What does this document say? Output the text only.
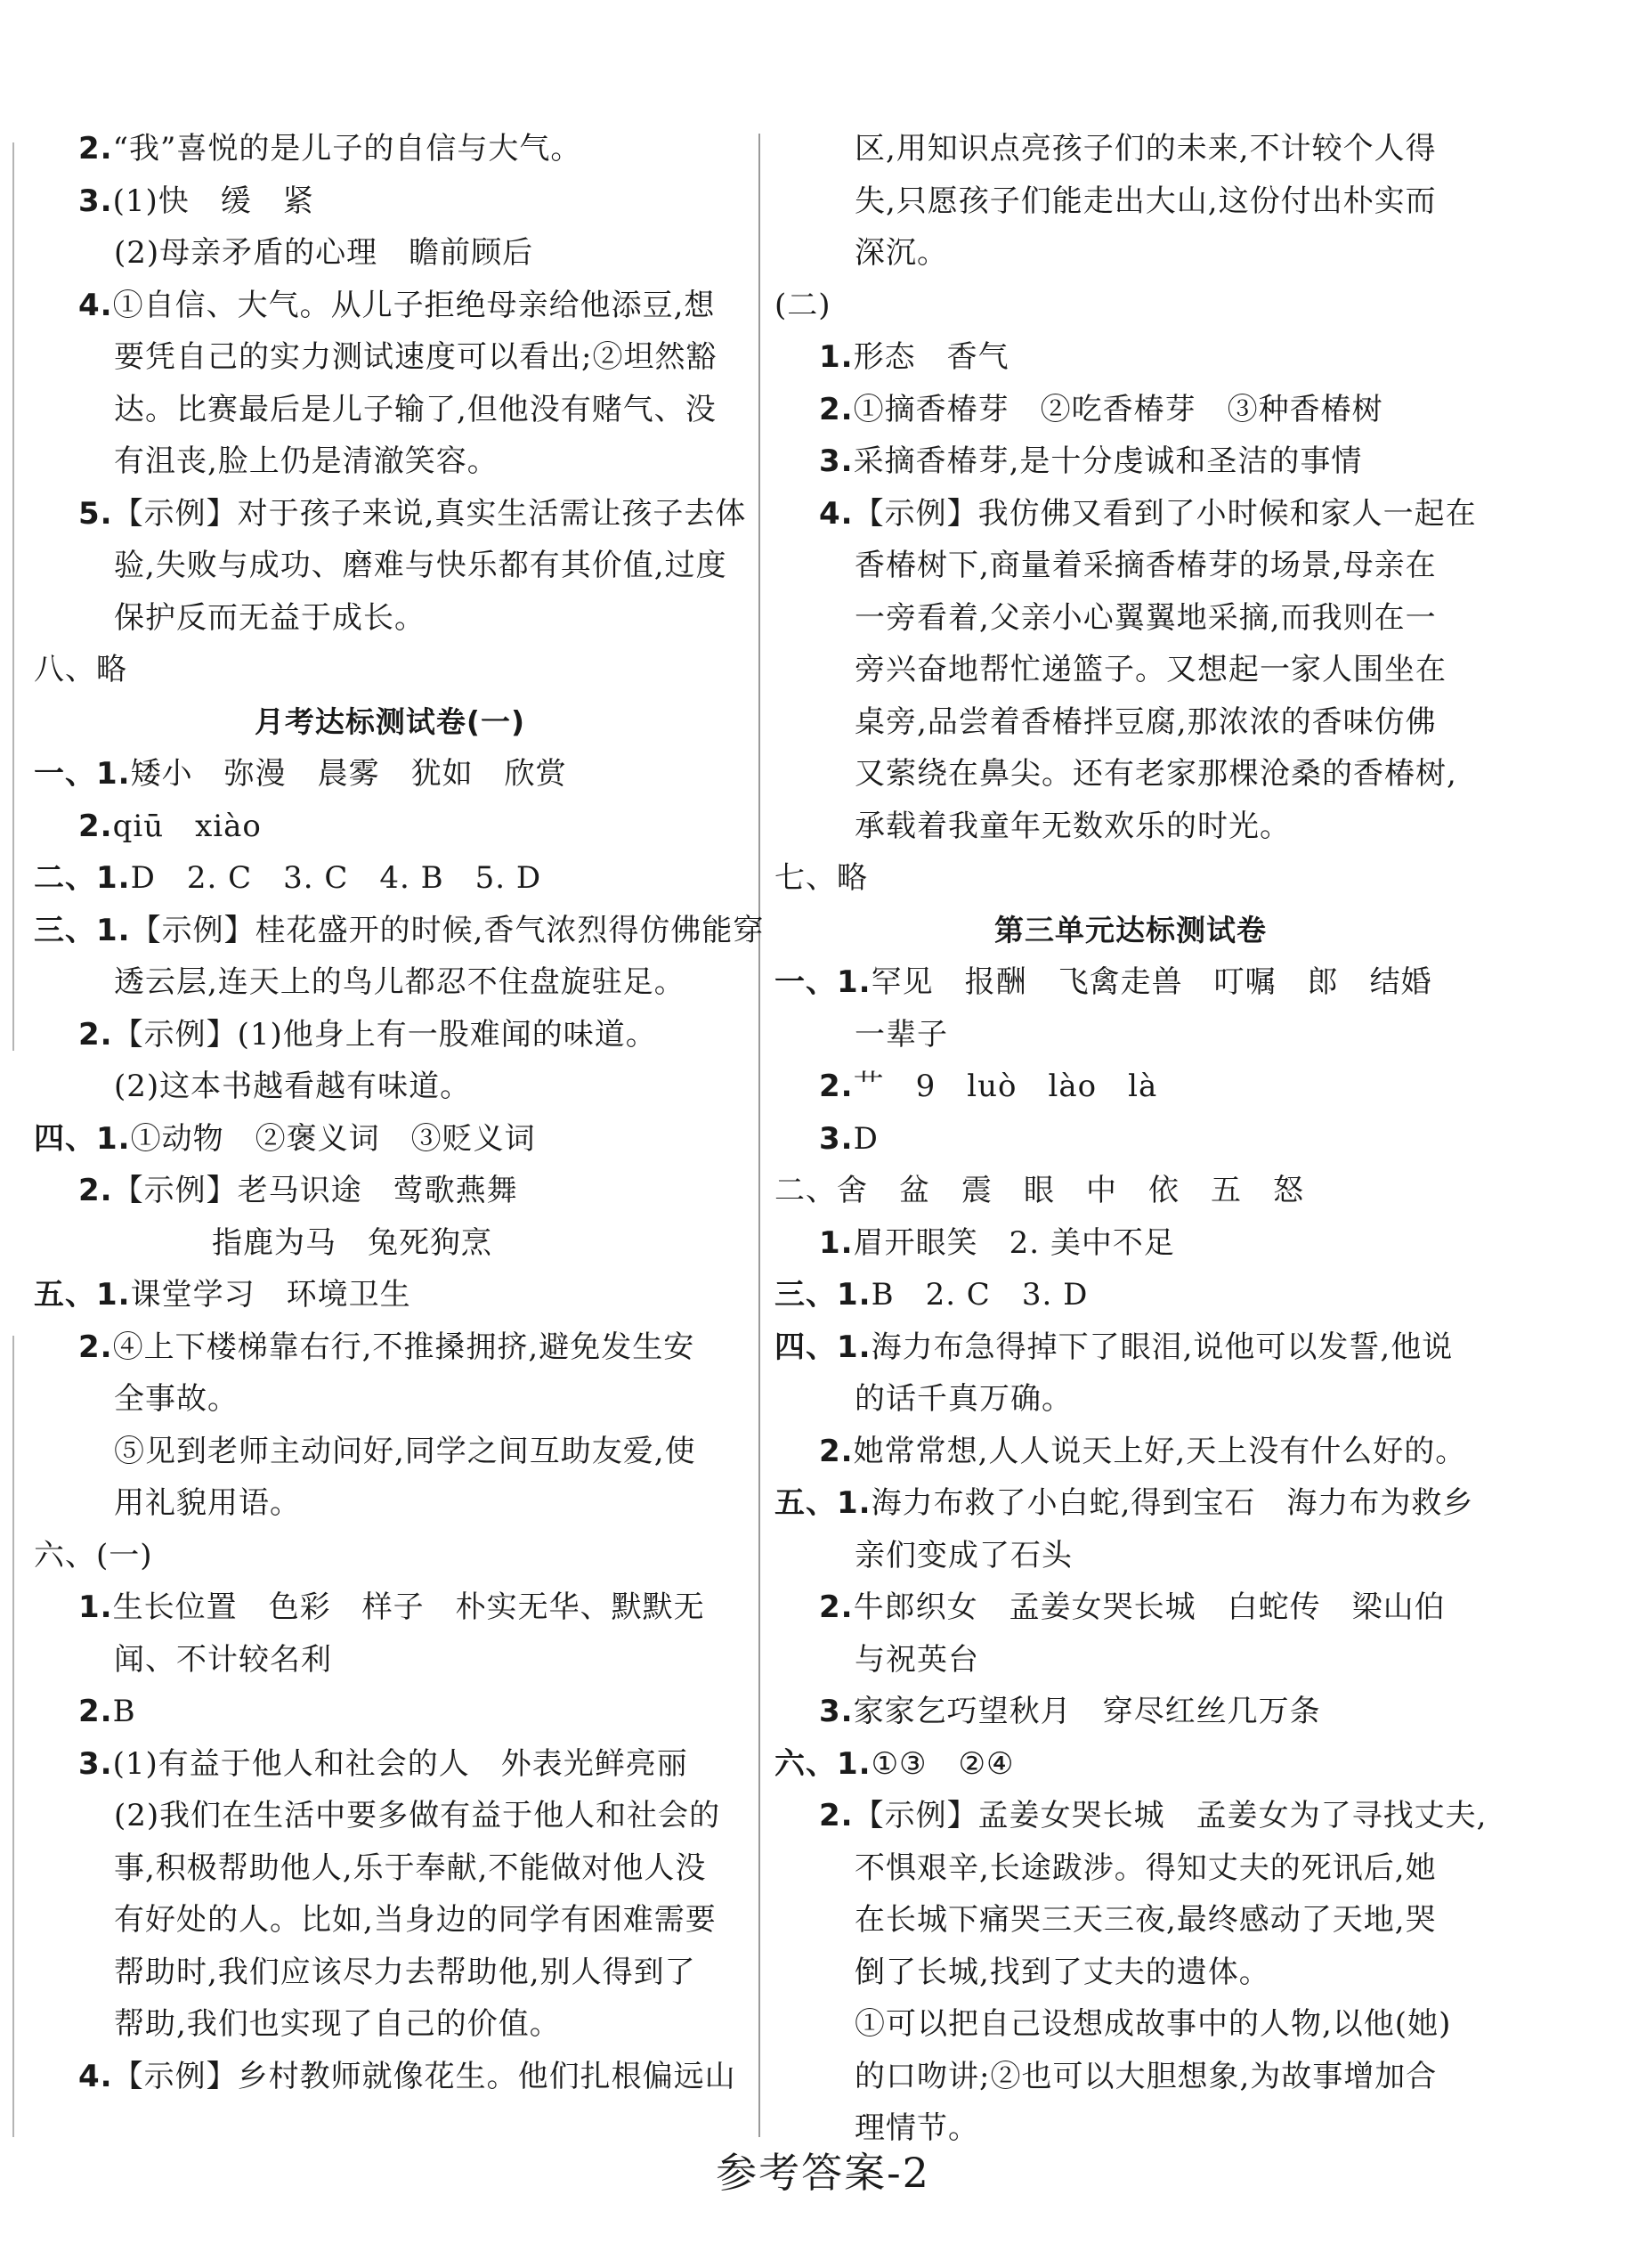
2.“我”喜悦的是儿子的自信与大气。
3.(1)快　缓　紧
(2)母亲矛盾的心理　瞻前顾后
4.①自信、大气。从儿子拒绝母亲给他添豆,想
要凭自己的实力测试速度可以看出;②坦然豁
达。比赛最后是儿子输了,但他没有赌气、没
有沮丧,脸上仍是清澈笑容。
5.【示例】对于孩子来说,真实生活需让孩子去体
验,失败与成功、磨难与快乐都有其价值,过度
保护反而无益于成长。
八、略
月考达标测试卷(一)
一、1.矮小　弥漫　晨雾　犹如　欣赏
2.qiū　xiào
二、1.D　2. C　3. C　4. B　5. D
三、1.【示例】桂花盛开的时候,香气浓烈得仿佛能穿
透云层,连天上的鸟儿都忍不住盘旋驻足。
2.【示例】(1)他身上有一股难闻的味道。
(2)这本书越看越有味道。
四、1.①动物　②褒义词　③贬义词
2.【示例】老马识途　莺歌燕舞
指鹿为马　兔死狗烹
五、1.课堂学习　环境卫生
2.④上下楼梯靠右行,不推搡拥挤,避免发生安
全事故。
⑤见到老师主动问好,同学之间互助友爱,使
用礼貌用语。
六、(一)
1.生长位置　色彩　样子　朴实无华、默默无
闻、不计较名利
2.B
3.(1)有益于他人和社会的人　外表光鲜亮丽
(2)我们在生活中要多做有益于他人和社会的
事,积极帮助他人,乐于奉献,不能做对他人没
有好处的人。比如,当身边的同学有困难需要
帮助时,我们应该尽力去帮助他,别人得到了
帮助,我们也实现了自己的价值。
4.【示例】乡村教师就像花生。他们扎根偏远山
区,用知识点亮孩子们的未来,不计较个人得
失,只愿孩子们能走出大山,这份付出朴实而
深沉。
(二)
1.形态　香气
2.①摘香椿芽　②吃香椿芽　③种香椿树
3.采摘香椿芽,是十分虔诚和圣洁的事情
4.【示例】我仿佛又看到了小时候和家人一起在
香椿树下,商量着采摘香椿芽的场景,母亲在
一旁看着,父亲小心翼翼地采摘,而我则在一
旁兴奋地帮忙递篮子。又想起一家人围坐在
桌旁,品尝着香椿拌豆腐,那浓浓的香味仿佛
又萦绕在鼻尖。还有老家那棵沧桑的香椿树,
承载着我童年无数欢乐的时光。
七、略
第三单元达标测试卷
一、1.罕见　报酬　飞禽走兽　叮嘱　郎　结婚
一辈子
2.艹　9　luò　lào　là
3.D
二、舍　盆　震　眼　中　依　五　怒
1.眉开眼笑　2. 美中不足
三、1.B　2. C　3. D
四、1.海力布急得掉下了眼泪,说他可以发誓,他说
的话千真万确。
2.她常常想,人人说天上好,天上没有什么好的。
五、1.海力布救了小白蛇,得到宝石　海力布为救乡
亲们变成了石头
2.牛郎织女　孟姜女哭长城　白蛇传　梁山伯
与祝英台
3.家家乞巧望秋月　穿尽红丝几万条
六、1.①③　②④
2.【示例】孟姜女哭长城　孟姜女为了寻找丈夫,
不惧艰辛,长途跋涉。得知丈夫的死讯后,她
在长城下痛哭三天三夜,最终感动了天地,哭
倒了长城,找到了丈夫的遗体。
①可以把自己设想成故事中的人物,以他(她)
的口吻讲;②也可以大胆想象,为故事增加合
理情节。
参考答案-2
